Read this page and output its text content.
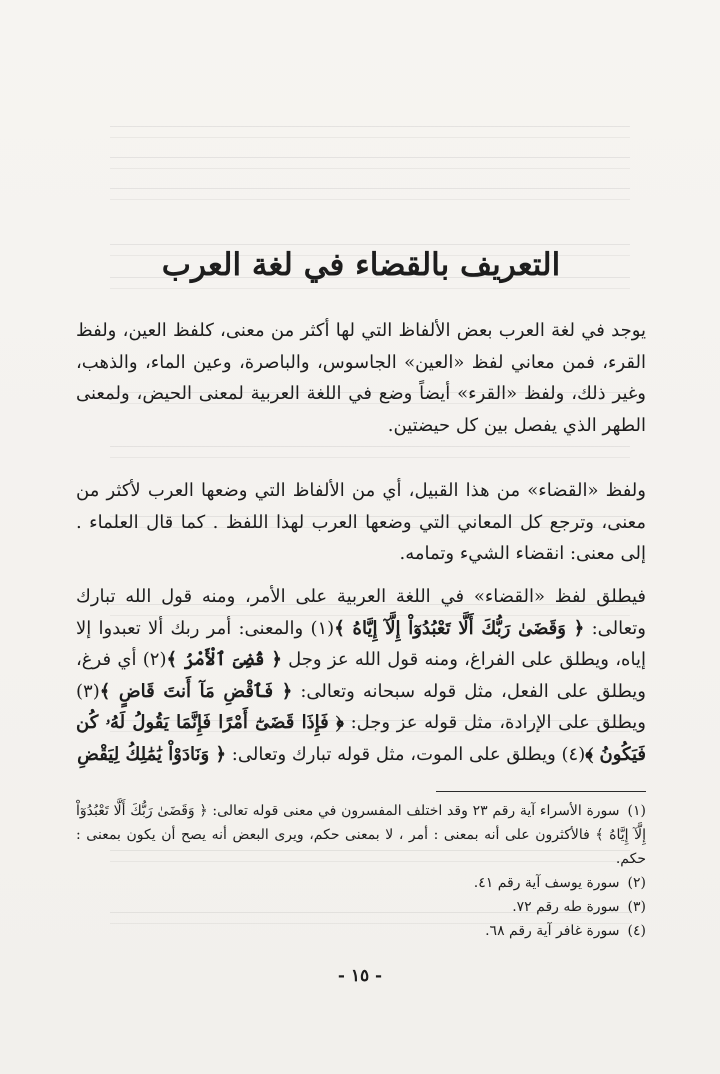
التعريف بالقضاء في لغة العرب

يوجد في لغة العرب بعض الألفاظ التي لها أكثر من معنى، كلفظ العين، ولفظ القرء، فمن معاني لفظ «العين» الجاسوس، والباصرة، وعين الماء، والذهب، وغير ذلك، ولفظ «القرء» أيضاً وضع في اللغة العربية لمعنى الحيض، ولمعنى الطهر الذي يفصل بين كل حيضتين.

ولفظ «القضاء» من هذا القبيل، أي من الألفاظ التي وضعها العرب لأكثر من معنى، وترجع كل المعاني التي وضعها العرب لهذا اللفظ . كما قال العلماء . إلى معنى: انقضاء الشيء وتمامه.

فيطلق لفظ «القضاء» في اللغة العربية على الأمر، ومنه قول الله تبارك وتعالى: ﴿ وَقَضَىٰ رَبُّكَ أَلَّا تَعْبُدُوٓاْ إِلَّآ إِيَّاهُ ﴾(١) والمعنى: أمر ربك ألا تعبدوا إلا إياه، ويطلق على الفراغ، ومنه قول الله عز وجل ﴿ قُضِىَ ٱلْأَمْرُ ﴾(٢) أي فرغ، ويطلق على الفعل، مثل قوله سبحانه وتعالى: ﴿ فَٱقْضِ مَآ أَنتَ قَاضٍ ﴾(٣) ويطلق على الإرادة، مثل قوله عز وجل: ﴿ فَإِذَا قَضَىٰٓ أَمْرًا فَإِنَّمَا يَقُولُ لَهُۥ كُن فَيَكُونُ ﴾(٤) ويطلق على الموت، مثل قوله تبارك وتعالى: ﴿ وَنَادَوْاْ يَٰمَٰلِكُ لِيَقْضِ

(١)سورة الأسراء آية رقم ٢٣ وقد اختلف المفسرون في معنى قوله تعالى: ﴿ وَقَضَىٰ رَبُّكَ أَلَّا تَعْبُدُوٓاْ إِلَّآ إِيَّاهُ ﴾ فالأكثرون على أنه بمعنى : أمر ، لا بمعنى حكم، ويرى البعض أنه يصح أن يكون بمعنى : حكم.

(٢)سورة يوسف آية رقم ٤١.

(٣)سورة طه رقم ٧٢.

(٤)سورة غافر آية رقم ٦٨.

- ١٥ -
